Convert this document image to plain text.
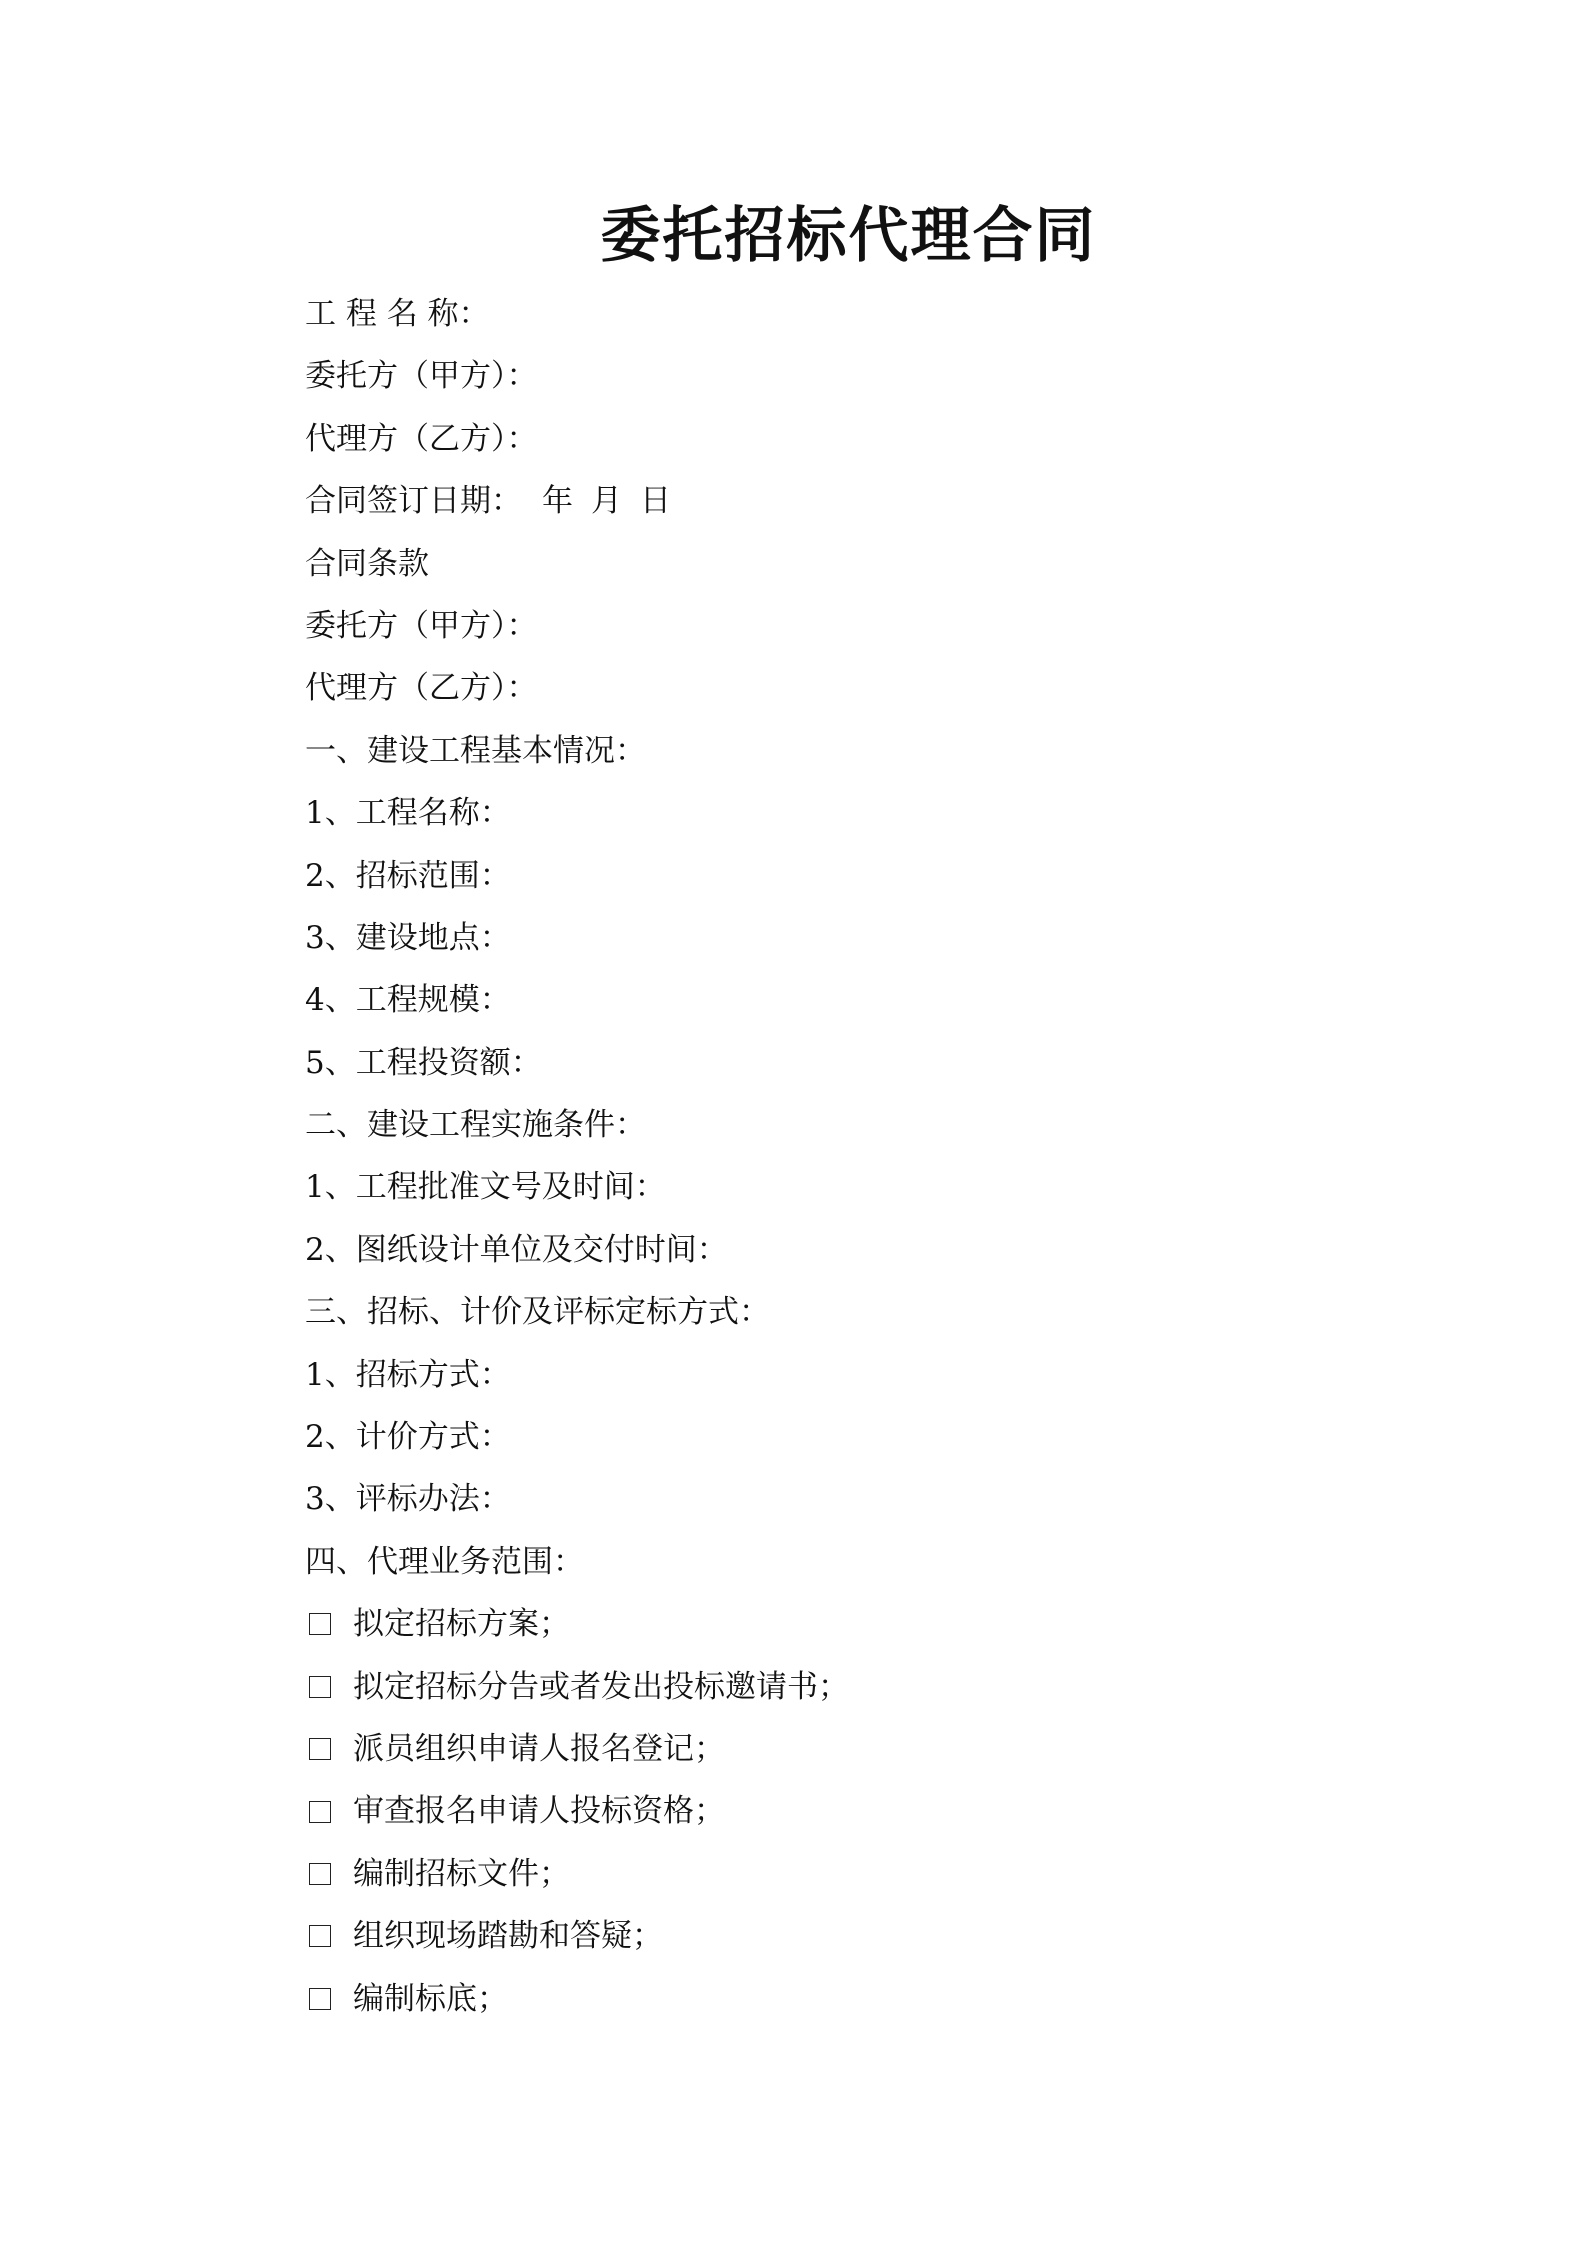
委托招标代理合同
工 程 名 称：
委托方（甲方）：
代理方（乙方）：
合同签订日期： 年 月 日
合同条款
委托方（甲方）：
代理方（乙方）：
一、建设工程基本情况：
1、工程名称：
2、招标范围：
3、建设地点：
4、工程规模：
5、工程投资额：
二、建设工程实施条件：
1、工程批准文号及时间：
2、图纸设计单位及交付时间：
三、招标、计价及评标定标方式：
1、招标方式：
2、计价方式：
3、评标办法：
四、代理业务范围：
拟定招标方案；
拟定招标分告或者发出投标邀请书；
派员组织申请人报名登记；
审查报名申请人投标资格；
编制招标文件；
组织现场踏勘和答疑；
编制标底；
